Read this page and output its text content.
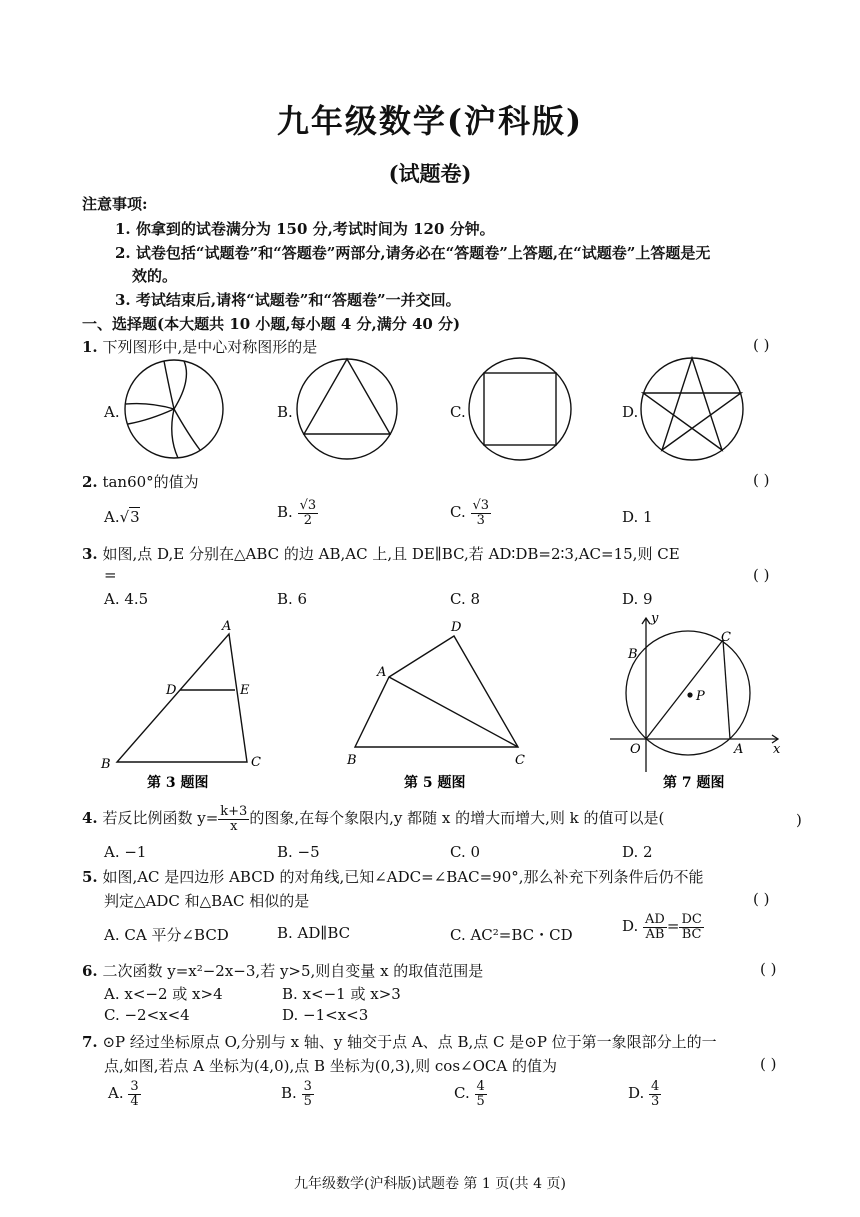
九年级数学(沪科版)
(试题卷)
注意事项:
1. 你拿到的试卷满分为 150 分,考试时间为 120 分钟。
2. 试卷包括“试题卷”和“答题卷”两部分,请务必在“答题卷”上答题,在“试题卷”上答题是无
效的。
3. 考试结束后,请将“试题卷”和“答题卷”一并交回。
一、选择题(本大题共 10 小题,每小题 4 分,满分 40 分)
1. 下列图形中,是中心对称图形的是	( )
A.	B.	C.	D.
2. tan60°的值为	( )
A.√3	B. $\frac{√3}{2}$	C. $\frac{√3}{3}$	D. 1
3. 如图,点 D,E 分别在△ABC 的边 AB,AC 上,且 DE∥BC,若 AD∶DB=2∶3,AC=15,则 CE
=	( )
A. 4.5	B. 6	C. 8	D. 9
A
D	E
B	C
D
A
B	C
y
B
C
P
O	A x
第 3 题图	第 5 题图	第 7 题图
4. 若反比例函数 $y= \frac{k+3}{x}$ 的图象,在每个象限内,y 都随 x 的增大而增大,则 k 的值可以是(	)
A. −1	B. −5	C. 0	D. 2
5. 如图,AC 是四边形 ABCD 的对角线,已知∠ADC=∠BAC=90°,那么补充下列条件后仍不能
判定△ADC 和△BAC 相似的是	( )
A. CA 平分∠BCD	B. AD∥BC	C. AC²=BC・CD	D. $\frac{AD}{AB} = \frac{DC}{BC}$
6. 二次函数 y=x²−2x−3,若 y>5,则自变量 x 的取值范围是	( )
A. x<−2 或 x>4	B. x<−1 或 x>3
C. −2<x<4	D. −1<x<3
7. ⊙P 经过坐标原点 O,分别与 x 轴、y 轴交于点 A、点 B,点 C 是⊙P 位于第一象限部分上的一
点,如图,若点 A 坐标为(4,0),点 B 坐标为(0,3),则 cos∠OCA 的值为	( )
A. $\frac{3}{4}$	B. $\frac{3}{5}$	C. $\frac{4}{5}$	D. $\frac{4}{3}$
九年级数学(沪科版)试题卷 第 1 页(共 4 页)
